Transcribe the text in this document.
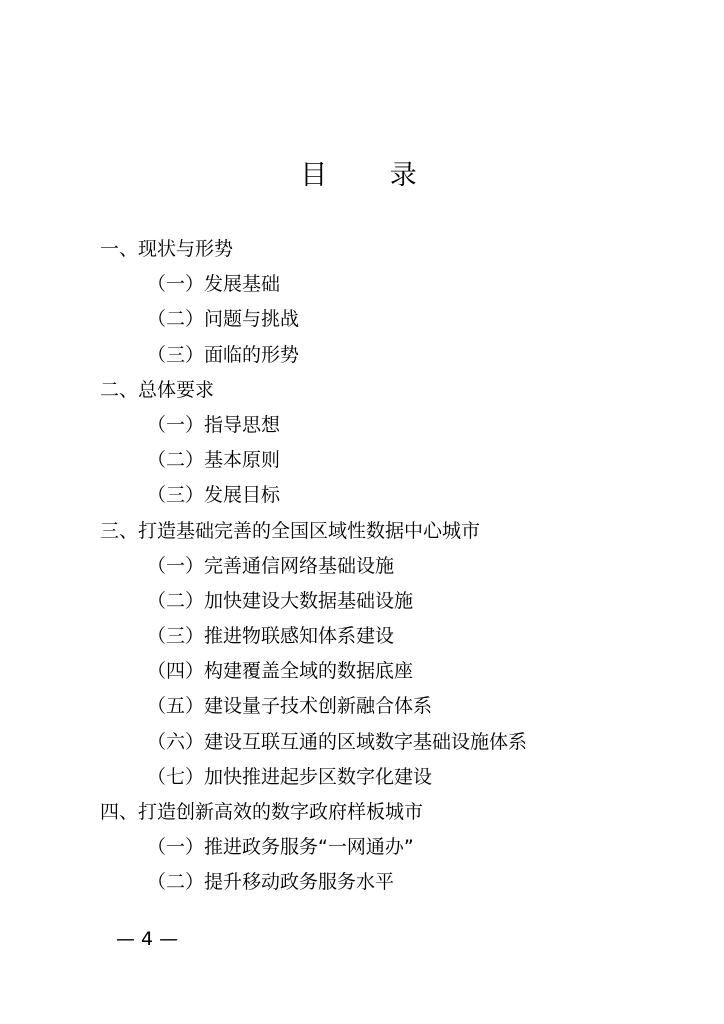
目 录
一、现状与形势
（一）发展基础
（二）问题与挑战
（三）面临的形势
二、总体要求
（一）指导思想
（二）基本原则
（三）发展目标
三、打造基础完善的全国区域性数据中心城市
（一）完善通信网络基础设施
（二）加快建设大数据基础设施
（三）推进物联感知体系建设
（四）构建覆盖全域的数据底座
（五）建设量子技术创新融合体系
（六）建设互联互通的区域数字基础设施体系
（七）加快推进起步区数字化建设
四、打造创新高效的数字政府样板城市
（一）推进政务服务“一网通办”
（二）提升移动政务服务水平
— 4 —
